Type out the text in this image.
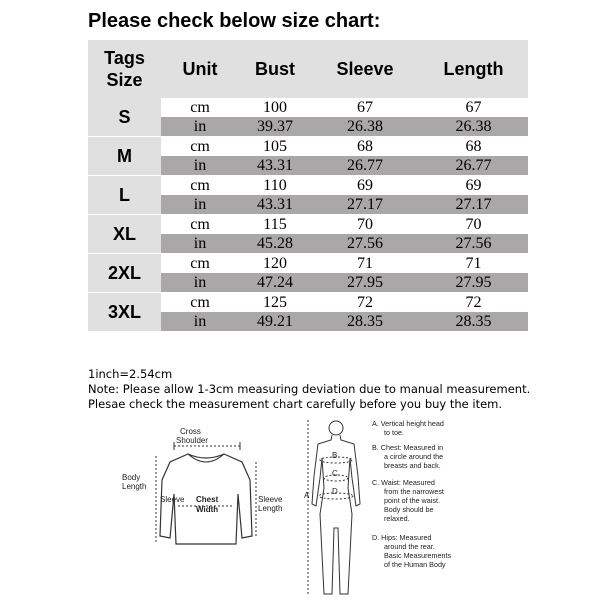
Please check below size chart:
Tags
Size	Unit	Bust	Sleeve	Length
S	cm	100	67	67
	in	39.37	26.38	26.38
M	cm	105	68	68
	in	43.31	26.77	26.77
L	cm	110	69	69
	in	43.31	27.17	27.17
XL	cm	115	70	70
	in	45.28	27.56	27.56
2XL	cm	120	71	71
	in	47.24	27.95	27.95
3XL	cm	125	72	72
	in	49.21	28.35	28.35
1inch=2.54cm
Note: Please allow 1-3cm measuring deviation due to manual measurement.
Plesae check the measurement chart carefully before you buy the item.
Cross
Shoulder
Body
Length
Sleeve Chest
Width
Sleeve
Length
A
B
C
D
A. Vertical height head
to toe.
B. Chest: Measured in
a circle around the
breasts and back.
C. Waist: Measured
from the narrowest
point of the waist.
Body should be
relaxed.
D. Hips: Measured
around the rear.
Basic Measurements
of the Human Body
